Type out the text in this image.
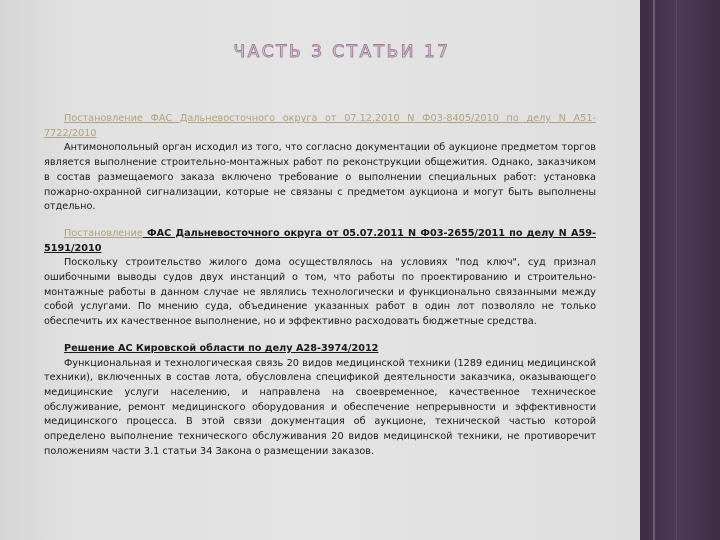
ЧАСТЬ 3 СТАТЬИ 17

Постановление ФАС Дальневосточного округа от 07.12.2010 N Ф03-8405/2010 по делу N А51-7722/2010

Антимонопольный орган исходил из того, что согласно документации об аукционе предметом торгов является выполнение строительно-монтажных работ по реконструкции общежития. Однако, заказчиком в состав размещаемого заказа включено требование о выполнении специальных работ: установка пожарно-охранной сигнализации, которые не связаны с предметом аукциона и могут быть выполнены отдельно.

Постановление ФАС Дальневосточного округа от 05.07.2011 N Ф03-2655/2011 по делу N А59-5191/2010

Поскольку строительство жилого дома осуществлялось на условиях "под ключ", суд признал ошибочными выводы судов двух инстанций о том, что работы по проектированию и строительно-монтажные работы в данном случае не являлись технологически и функционально связанными между собой услугами. По мнению суда, объединение указанных работ в один лот позволяло не только обеспечить их качественное выполнение, но и эффективно расходовать бюджетные средства.

Решение АС Кировской области по делу А28-3974/2012

Функциональная и технологическая связь 20 видов медицинской техники (1289 единиц медицинской техники), включенных в состав лота, обусловлена спецификой деятельности заказчика, оказывающего медицинские услуги населению, и направлена на своевременное, качественное техническое обслуживание, ремонт медицинского оборудования и обеспечение непрерывности и эффективности медицинского процесса. В этой связи документация об аукционе, технической частью которой определено выполнение технического обслуживания 20 видов медицинской техники, не противоречит положениям части 3.1 статьи 34 Закона о размещении заказов.
